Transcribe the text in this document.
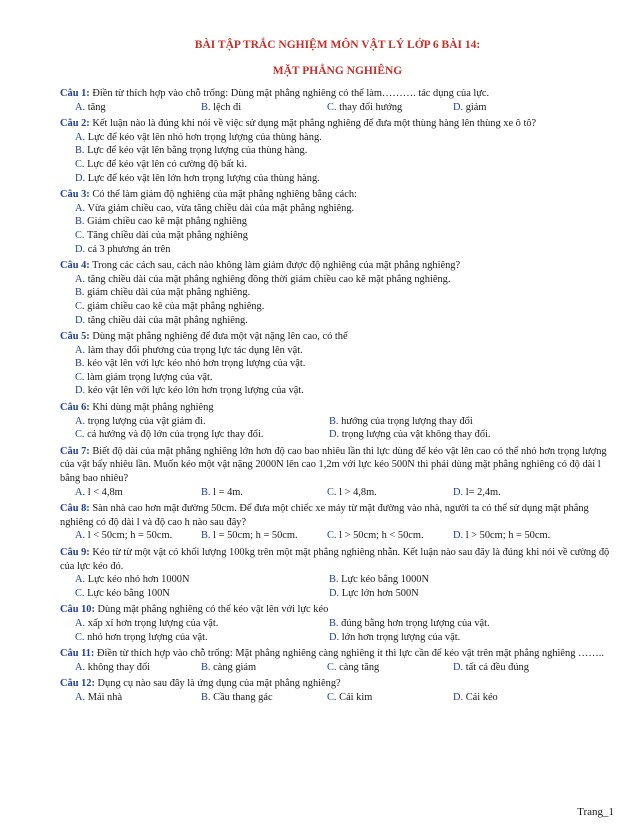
BÀI TẬP TRẮC NGHIỆM MÔN VẬT LÝ LỚP 6 BÀI 14:
MẶT PHẲNG NGHIÊNG
Câu 1: Điền từ thích hợp vào chỗ trống: Dùng mặt phẳng nghiêng có thể làm………. tác dụng của lực.
A. tăng	B. lệch đi	C. thay đổi hướng	D. giảm
Câu 2: Kết luận nào là đúng khi nói về việc sử dụng mặt phẳng nghiêng để đưa một thùng hàng lên thùng xe ô tô?
A. Lực để kéo vật lên nhỏ hơn trọng lượng của thùng hàng.
B. Lực để kéo vật lên bằng trọng lượng của thùng hàng.
C. Lực để kéo vật lên có cường độ bất kì.
D. Lực để kéo vật lên lớn hơn trọng lượng của thùng hàng.
Câu 3: Có thể làm giảm độ nghiêng của mặt phẳng nghiêng bằng cách:
A. Vừa giảm chiều cao, vừa tăng chiều dài của mặt phẳng nghiêng.
B. Giảm chiều cao kê mặt phẳng nghiêng
C. Tăng chiều dài của mặt phẳng nghiêng
D. cả 3 phương án trên
Câu 4: Trong các cách sau, cách nào không làm giảm được độ nghiêng của mặt phẳng nghiêng?
A. tăng chiều dài của mặt phẳng nghiêng đồng thời giảm chiều cao kê mặt phẳng nghiêng.
B. giảm chiều dài của mặt phẳng nghiêng.
C. giảm chiều cao kê của mặt phẳng nghiêng.
D. tăng chiều dài của mặt phẳng nghiêng.
Câu 5: Dùng mặt phẳng nghiêng để đưa một vật nặng lên cao, có thể
A. làm thay đổi phương của trọng lực tác dụng lên vật.
B. kéo vật lên với lực kéo nhỏ hơn trọng lượng của vật.
C. làm giảm trọng lượng của vật.
D. kéo vật lên với lực kéo lớn hơn trọng lượng của vật.
Câu 6: Khi dùng mặt phẳng nghiêng
A. trọng lượng của vật giảm đi.	B. hướng của trọng lượng thay đổi
C. cả hướng và độ lớn của trọng lực thay đổi.	D. trọng lượng của vật không thay đổi.
Câu 7: Biết độ dài của mặt phẳng nghiêng lớn hơn độ cao bao nhiêu lần thì lực dùng để kéo vật lên cao có thể nhỏ hơn trọng lượng của vật bấy nhiêu lần. Muốn kéo một vật nặng 2000N lên cao 1,2m với lực kéo 500N thì phải dùng mặt phẳng nghiêng có độ dài l bằng bao nhiêu?
A. l < 4,8m	B. l = 4m.	C. l > 4,8m.	D. l= 2,4m.
Câu 8: Sàn nhà cao hơn mặt đường 50cm. Để đưa một chiếc xe máy từ mặt đường vào nhà, người ta có thể sử dụng mặt phẳng nghiêng có độ dài l và độ cao h nào sau đây?
A. l < 50cm; h = 50cm.	B. l = 50cm; h = 50cm.	C. l > 50cm; h < 50cm.	D. l > 50cm; h = 50cm.
Câu 9: Kéo từ từ một vật có khối lượng 100kg trên một mặt phẳng nghiêng nhẵn. Kết luận nào sau đây là đúng khi nói về cường độ của lực kéo đó.
A. Lực kéo nhỏ hơn 1000N	B. Lực kéo bằng 1000N
C. Lực kéo bằng 100N	D. Lực lớn hơn 500N
Câu 10: Dùng mặt phẳng nghiêng có thể kéo vật lên với lực kéo
A. xấp xỉ hơn trọng lượng của vật.	B. đúng bằng hơn trọng lượng của vật.
C. nhỏ hơn trọng lượng của vật.	D. lớn hơn trọng lượng của vật.
Câu 11: Điền từ thích hợp vào chỗ trống: Mặt phẳng nghiêng càng nghiêng ít thì lực cần để kéo vật trên mặt phẳng nghiêng ……..
A. không thay đổi	B. càng giảm	C. càng tăng	D. tất cả đều đúng
Câu 12: Dụng cụ nào sau đây là ứng dụng của mặt phẳng nghiêng?
A. Mái nhà	B. Cầu thang gác	C. Cái kìm	D. Cái kéo
Trang_1
